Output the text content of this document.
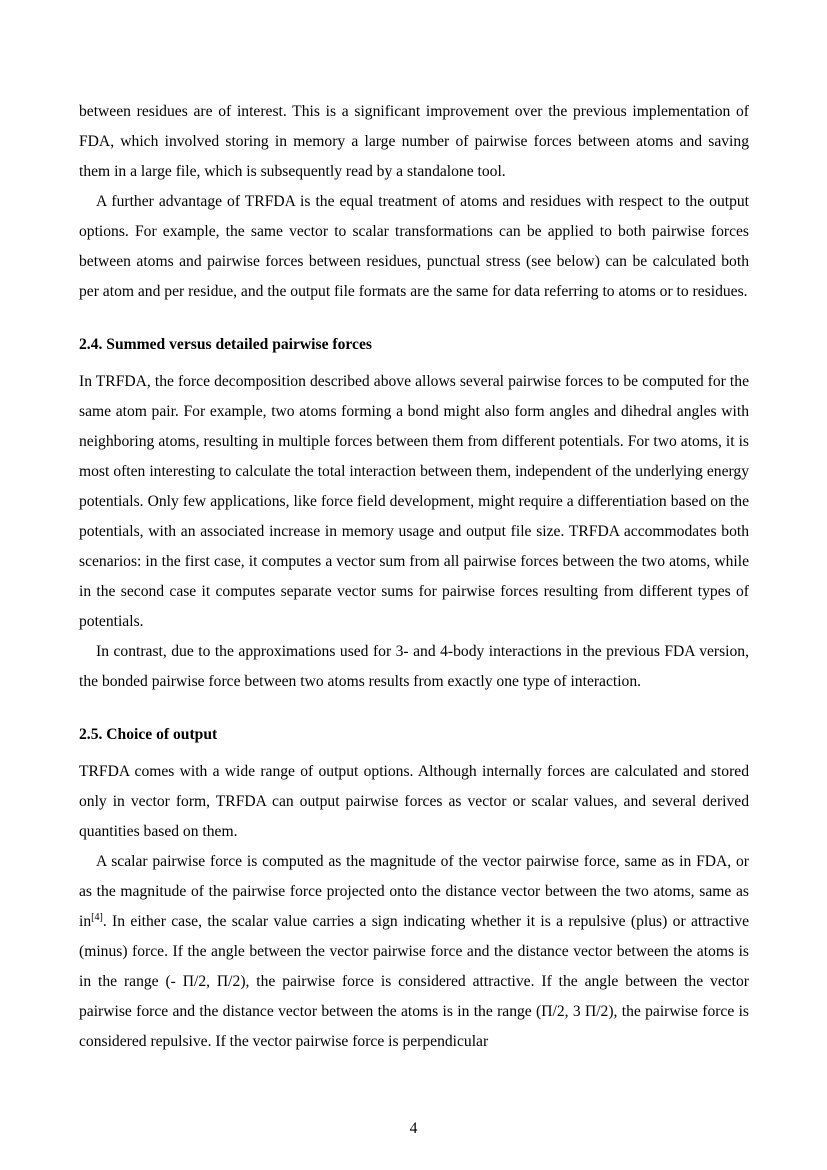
between residues are of interest. This is a significant improvement over the previous implementation of FDA, which involved storing in memory a large number of pairwise forces between atoms and saving them in a large file, which is subsequently read by a standalone tool.

A further advantage of TRFDA is the equal treatment of atoms and residues with respect to the output options. For example, the same vector to scalar transformations can be applied to both pairwise forces between atoms and pairwise forces between residues, punctual stress (see below) can be calculated both per atom and per residue, and the output file formats are the same for data referring to atoms or to residues.

2.4. Summed versus detailed pairwise forces

In TRFDA, the force decomposition described above allows several pairwise forces to be computed for the same atom pair. For example, two atoms forming a bond might also form angles and dihedral angles with neighboring atoms, resulting in multiple forces between them from different potentials. For two atoms, it is most often interesting to calculate the total interaction between them, independent of the underlying energy potentials. Only few applications, like force field development, might require a differentiation based on the potentials, with an associated increase in memory usage and output file size. TRFDA accommodates both scenarios: in the first case, it computes a vector sum from all pairwise forces between the two atoms, while in the second case it computes separate vector sums for pairwise forces resulting from different types of potentials.

In contrast, due to the approximations used for 3- and 4-body interactions in the previous FDA version, the bonded pairwise force between two atoms results from exactly one type of interaction.

2.5. Choice of output

TRFDA comes with a wide range of output options. Although internally forces are calculated and stored only in vector form, TRFDA can output pairwise forces as vector or scalar values, and several derived quantities based on them.

A scalar pairwise force is computed as the magnitude of the vector pairwise force, same as in FDA, or as the magnitude of the pairwise force projected onto the distance vector between the two atoms, same as in[4]. In either case, the scalar value carries a sign indicating whether it is a repulsive (plus) or attractive (minus) force. If the angle between the vector pairwise force and the distance vector between the atoms is in the range (- Π/2, Π/2), the pairwise force is considered attractive. If the angle between the vector pairwise force and the distance vector between the atoms is in the range (Π/2, 3 Π/2), the pairwise force is considered repulsive. If the vector pairwise force is perpendicular

4
